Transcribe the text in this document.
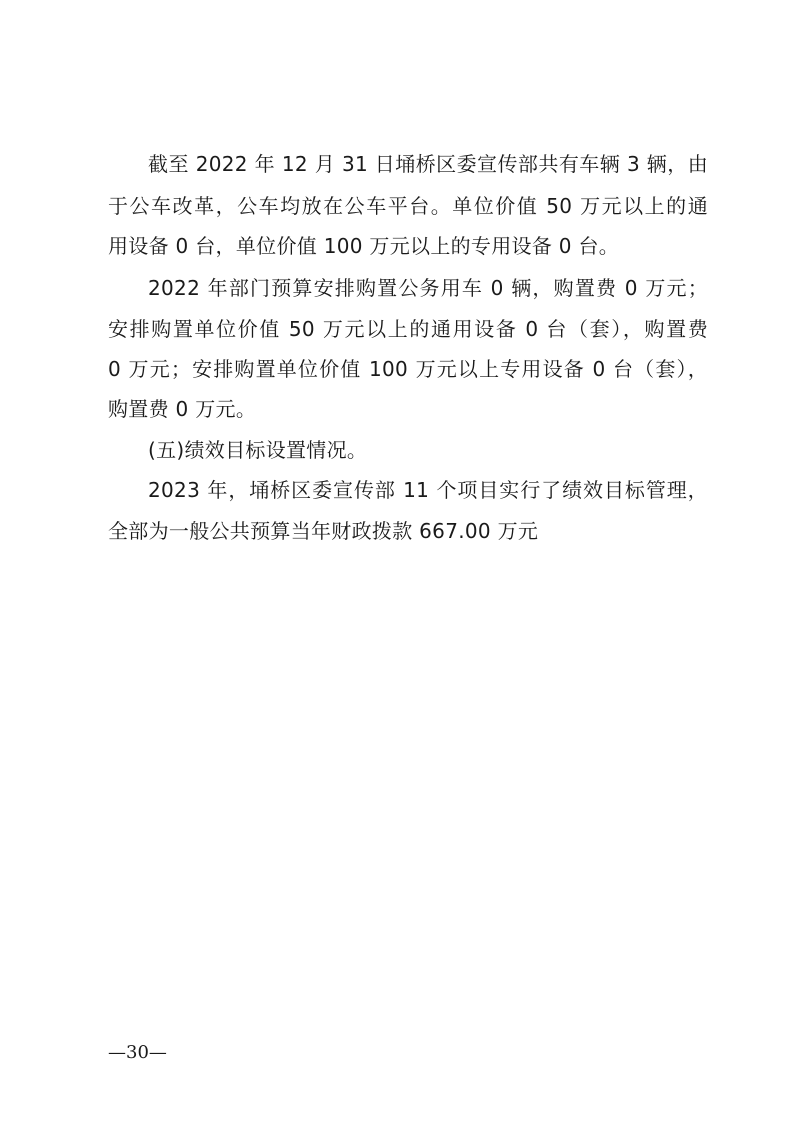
截至 2022 年 12 月 31 日埇桥区委宣传部共有车辆 3 辆，由
于公车改革，公车均放在公车平台。单位价值 50 万元以上的通
用设备 0 台，单位价值 100 万元以上的专用设备 0 台。
2022 年部门预算安排购置公务用车 0 辆，购置费 0 万元；
安排购置单位价值 50 万元以上的通用设备 0 台（套），购置费
0 万元；安排购置单位价值 100 万元以上专用设备 0 台（套），
购置费 0 万元。
(五)绩效目标设置情况。
2023 年，埇桥区委宣传部 11 个项目实行了绩效目标管理，
全部为一般公共预算当年财政拨款 667.00 万元
—30—
